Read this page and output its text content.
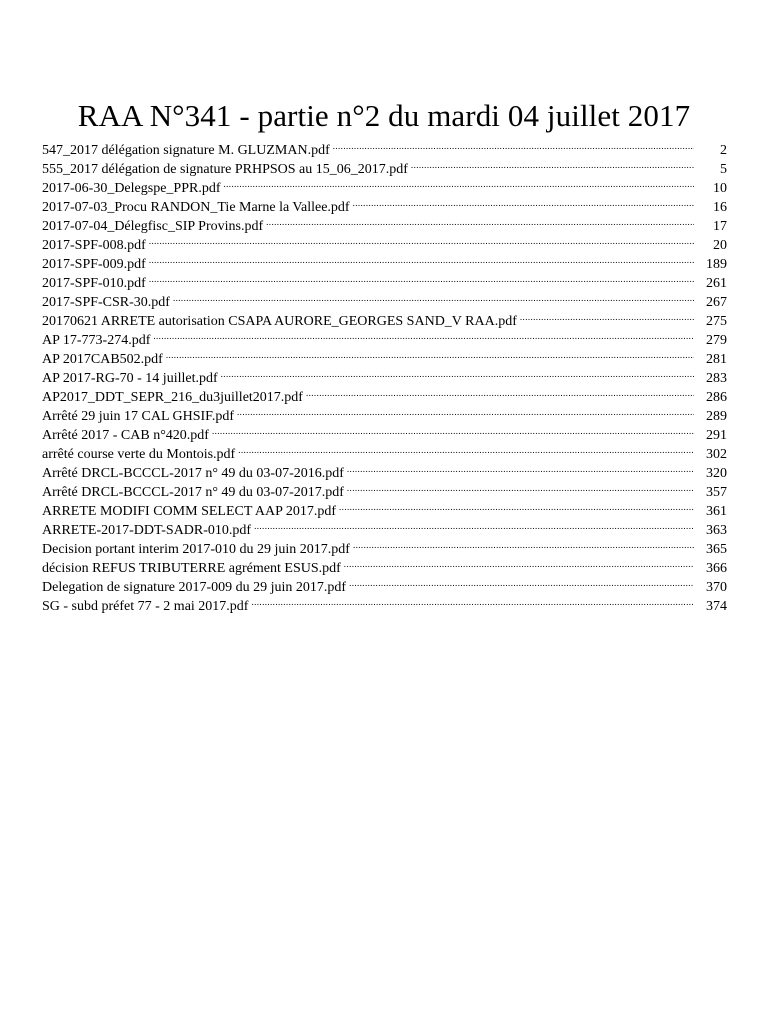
RAA N°341 - partie n°2 du mardi 04 juillet 2017
547_2017 délégation signature M. GLUZMAN.pdf .....	2
555_2017 délégation de signature PRHPSOS au 15_06_2017.pdf .....	5
2017-06-30_Delegspe_PPR.pdf .....	10
2017-07-03_Procu RANDON_Tie Marne la Vallee.pdf .....	16
2017-07-04_Délegfisc_SIP Provins.pdf .....	17
2017-SPF-008.pdf .....	20
2017-SPF-009.pdf .....	189
2017-SPF-010.pdf .....	261
2017-SPF-CSR-30.pdf .....	267
20170621 ARRETE autorisation CSAPA AURORE_GEORGES SAND_V RAA.pdf .....	275
AP 17-773-274.pdf .....	279
AP 2017CAB502.pdf .....	281
AP 2017-RG-70 - 14 juillet.pdf .....	283
AP2017_DDT_SEPR_216_du3juillet2017.pdf .....	286
Arrêté 29 juin 17 CAL GHSIF.pdf .....	289
Arrêté 2017 - CAB n°420.pdf .....	291
arrêté course verte du Montois.pdf .....	302
Arrêté DRCL-BCCCL-2017 n° 49 du 03-07-2016.pdf .....	320
Arrêté DRCL-BCCCL-2017 n° 49 du 03-07-2017.pdf .....	357
ARRETE MODIFI COMM SELECT AAP 2017.pdf .....	361
ARRETE-2017-DDT-SADR-010.pdf .....	363
Decision portant interim 2017-010 du 29 juin 2017.pdf .....	365
décision REFUS TRIBUTERRE agrément ESUS.pdf .....	366
Delegation de signature 2017-009 du 29 juin 2017.pdf .....	370
SG - subd préfet 77 - 2 mai 2017.pdf .....	374
